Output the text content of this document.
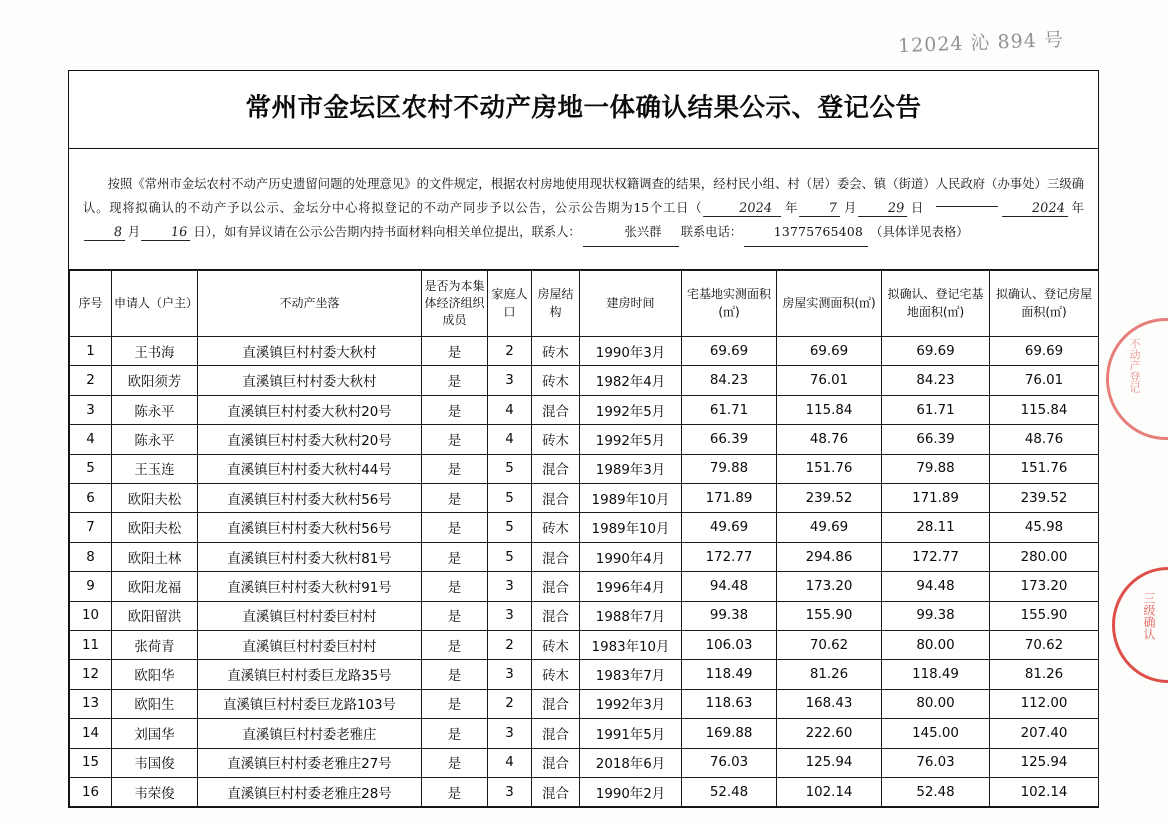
12024 沁 894 号
常州市金坛区农村不动产房地一体确认结果公示、登记公告

按照《常州市金坛农村不动产历史遗留问题的处理意见》的文件规定，根据农村房地使用现状权籍调查的结果，经村民小组、村（居）委会、镇（街道）人民政府（办事处）三级确认。现将拟确认的不动产予以公示、金坛分中心将拟登记的不动产同步予以公告，公示公告期为15个工日（	2024 年 7 月 29 日	2024 年8 月 16 日），如有异议请在公示公告期内持书面材料向相关单位提出，联系人：	张兴群 联系电话：	13775765408 （具体详见表格）

序号	申请人（户主）	不动产坐落	是否为本集体经济组织成员	家庭人口	房屋结构	建房时间	宅基地实测面积(㎡)	房屋实测面积(㎡)	拟确认、登记宅基地面积(㎡)	拟确认、登记房屋面积(㎡)
1	王书海	直溪镇巨村村委大秋村	是	2	砖木	1990年3月	69.69	69.69	69.69	69.69
2	欧阳须芳	直溪镇巨村村委大秋村	是	3	砖木	1982年4月	84.23	76.01	84.23	76.01
3	陈永平	直溪镇巨村村委大秋村20号	是	4	混合	1992年5月	61.71	115.84	61.71	115.84
4	陈永平	直溪镇巨村村委大秋村20号	是	4	砖木	1992年5月	66.39	48.76	66.39	48.76
5	王玉连	直溪镇巨村村委大秋村44号	是	5	混合	1989年3月	79.88	151.76	79.88	151.76
6	欧阳夫松	直溪镇巨村村委大秋村56号	是	5	混合	1989年10月	171.89	239.52	171.89	239.52
7	欧阳夫松	直溪镇巨村村委大秋村56号	是	5	砖木	1989年10月	49.69	49.69	28.11	45.98
8	欧阳土林	直溪镇巨村村委大秋村81号	是	5	混合	1990年4月	172.77	294.86	172.77	280.00
9	欧阳龙福	直溪镇巨村村委大秋村91号	是	3	混合	1996年4月	94.48	173.20	94.48	173.20
10	欧阳留洪	直溪镇巨村村委巨村村	是	3	混合	1988年7月	99.38	155.90	99.38	155.90
11	张荷青	直溪镇巨村村委巨村村	是	2	砖木	1983年10月	106.03	70.62	80.00	70.62
12	欧阳华	直溪镇巨村村委巨龙路35号	是	3	砖木	1983年7月	118.49	81.26	118.49	81.26
13	欧阳生	直溪镇巨村村委巨龙路103号	是	2	混合	1992年3月	118.63	168.43	80.00	112.00
14	刘国华	直溪镇巨村村委老雅庄	是	3	混合	1991年5月	169.88	222.60	145.00	207.40
15	韦国俊	直溪镇巨村村委老雅庄27号	是	4	混合	2018年6月	76.03	125.94	76.03	125.94
16	韦荣俊	直溪镇巨村村委老雅庄28号	是	3	混合	1990年2月	52.48	102.14	52.48	102.14
不动产登记
三级确认
